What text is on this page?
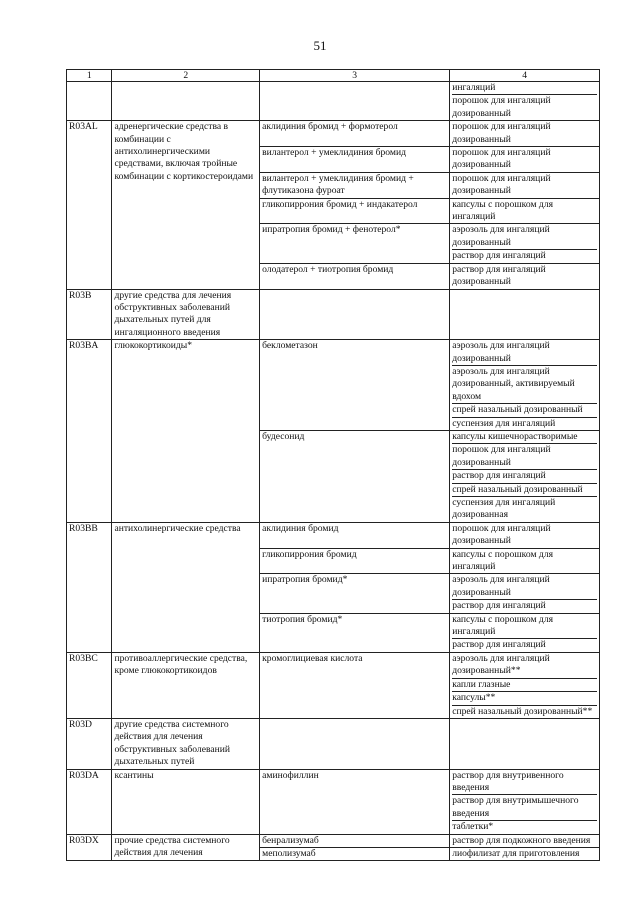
51
1	2	3	4

			ингаляций
порошок для ингаляций дозированный

R03AL	адренергические средства в комбинации с антихолинергическими средствами, включая тройные комбинации с кортикостероидами	аклидиния бромид + формотерол	порошок для ингаляций дозированный

		вилантерол + умеклидиния бромид	порошок для ингаляций дозированный

		вилантерол + умеклидиния бромид + флутиказона фуроат	порошок для ингаляций дозированный

		гликопиррония бромид + индакатерол	капсулы с порошком для ингаляций

		ипратропия бромид + фенотерол*	аэрозоль для ингаляций дозированный
раствор для ингаляций

		олодатерол + тиотропия бромид	раствор для ингаляций дозированный

R03B	другие средства для лечения обструктивных заболеваний дыхательных путей для ингаляционного введения		
R03BA	глюкокортикоиды*	беклометазон	аэрозоль для ингаляций дозированный
аэрозоль для ингаляций дозированный, активируемый вдохом
спрей назальный дозированный
суспензия для ингаляций

		будесонид	капсулы кишечнорастворимые
порошок для ингаляций дозированный
раствор для ингаляций
спрей назальный дозированный
суспензия для ингаляций дозированная

R03BB	антихолинергические средства	аклидиния бромид	порошок для ингаляций дозированный

		гликопиррония бромид	капсулы с порошком для ингаляций

		ипратропия бромид*	аэрозоль для ингаляций дозированный
раствор для ингаляций

		тиотропия бромид*	капсулы с порошком для ингаляций
раствор для ингаляций

R03BC	противоаллергические средства, кроме глюкокортикоидов	кромоглициевая кислота	аэрозоль для ингаляций дозированный**
капли глазные
капсулы**
спрей назальный дозированный**

R03D	другие средства системного действия для лечения обструктивных заболеваний дыхательных путей		
R03DA	ксантины	аминофиллин	раствор для внутривенного введения
раствор для внутримышечного введения
таблетки*

R03DX	прочие средства системного действия для лечения	бенрализумаб	раствор для подкожного введения

		меполизумаб	лиофилизат для приготовления
